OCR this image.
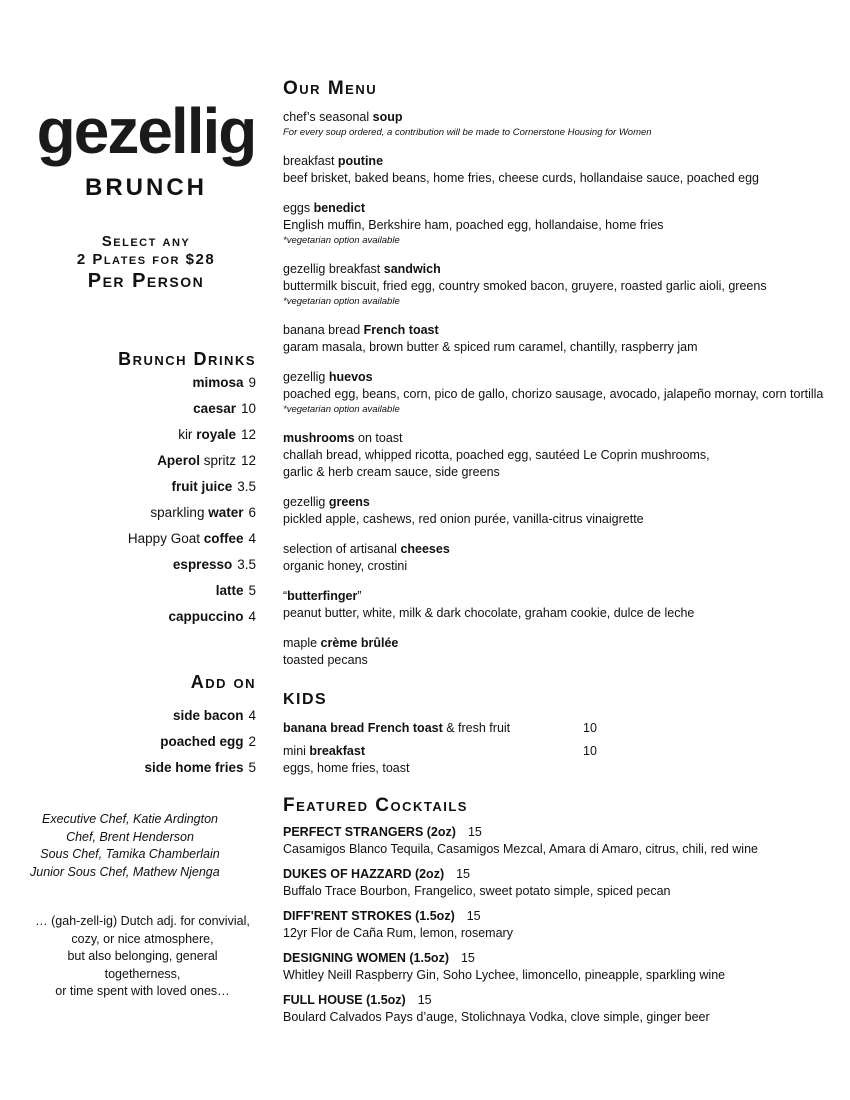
gezellig
BRUNCH
Select any
2 Plates for $28
Per Person
Brunch Drinks
mimosa 9
caesar 10
kir royale 12
Aperol spritz 12
fruit juice 3.5
sparkling water 6
Happy Goat coffee 4
espresso 3.5
latte 5
cappuccino 4
Add on
side bacon 4
poached egg 2
side home fries 5
Executive Chef, Katie Ardington
Chef, Brent Henderson
Sous Chef, Tamika Chamberlain
Junior Sous Chef, Mathew Njenga
… (gah-zell-ig) Dutch adj. for convivial,
cozy, or nice atmosphere,
but also belonging, general
togetherness,
or time spent with loved ones…
Our Menu
chef’s seasonal soup
For every soup ordered, a contribution will be made to Cornerstone Housing for Women
breakfast poutine
beef brisket, baked beans, home fries, cheese curds, hollandaise sauce, poached egg
eggs benedict
English muffin, Berkshire ham, poached egg, hollandaise, home fries
*vegetarian option available
gezellig breakfast sandwich
buttermilk biscuit, fried egg, country smoked bacon, gruyere, roasted garlic aioli, greens
*vegetarian option available
banana bread French toast
garam masala, brown butter & spiced rum caramel, chantilly, raspberry jam
gezellig huevos
poached egg, beans, corn, pico de gallo, chorizo sausage, avocado, jalapeño mornay, corn tortilla
*vegetarian option available
mushrooms on toast
challah bread, whipped ricotta, poached egg, sautéed Le Coprin mushrooms,
garlic & herb cream sauce, side greens
gezellig greens
pickled apple, cashews, red onion purée, vanilla-citrus vinaigrette
selection of artisanal cheeses
organic honey, crostini
“butterfinger”
peanut butter, white, milk & dark chocolate, graham cookie, dulce de leche
maple crème brûlée
toasted pecans
KIDS
banana bread French toast & fresh fruit	10
mini breakfast	10
eggs, home fries, toast
Featured Cocktails
PERFECT STRANGERS (2oz) 15
Casamigos Blanco Tequila, Casamigos Mezcal, Amara di Amaro, citrus, chili, red wine
DUKES OF HAZZARD (2oz) 15
Buffalo Trace Bourbon, Frangelico, sweet potato simple, spiced pecan
DIFF'RENT STROKES (1.5oz) 15
12yr Flor de Caña Rum, lemon, rosemary
DESIGNING WOMEN (1.5oz) 15
Whitley Neill Raspberry Gin, Soho Lychee, limoncello, pineapple, sparkling wine
FULL HOUSE (1.5oz) 15
Boulard Calvados Pays d’auge, Stolichnaya Vodka, clove simple, ginger beer
